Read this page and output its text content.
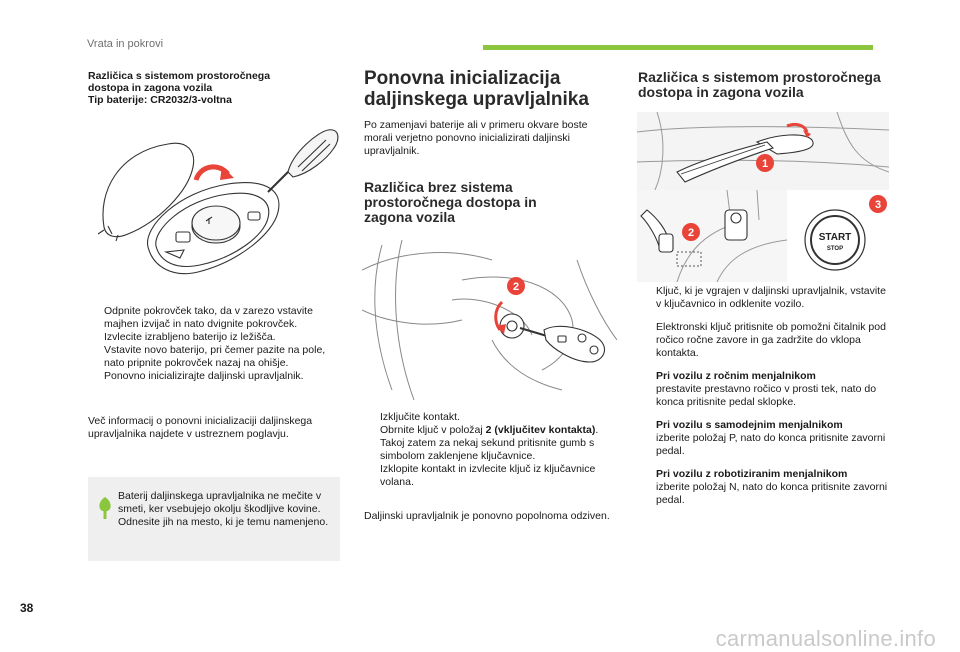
Vrata in pokrovi
Različica s sistemom prostoročnega
dostopa in zagona vozila
Tip baterije: CR2032/3-voltna
Odpnite pokrovček tako, da v zarezo vstavite majhen izvijač in nato dvignite pokrovček.
Izvlecite izrabljeno baterijo iz ležišča.
Vstavite novo baterijo, pri čemer pazite na pole, nato pripnite pokrovček nazaj na ohišje.
Ponovno inicializirajte daljinski upravljalnik.
Več informacij o ponovni inicializaciji daljinskega upravljalnika najdete v ustreznem poglavju.
Baterij daljinskega upravljalnika ne mečite v smeti, ker vsebujejo okolju škodljive kovine. Odnesite jih na mesto, ki je temu namenjeno.
Ponovna inicializacija
daljinskega upravljalnika
Po zamenjavi baterije ali v primeru okvare boste morali verjetno ponovno inicializirati daljinski upravljalnik.
Različica brez sistema
prostoročnega dostopa in
zagona vozila
2
Izključite kontakt.
Obrnite ključ v položaj 2 (vključitev kontakta).
Takoj zatem za nekaj sekund pritisnite gumb s simbolom zaklenjene ključavnice.
Izklopite kontakt in izvlecite ključ iz ključavnice volana.
Daljinski upravljalnik je ponovno popolnoma odziven.
Različica s sistemom prostoročnega
dostopa in zagona vozila
1
2	START
STOP
3
Ključ, ki je vgrajen v daljinski upravljalnik, vstavite v ključavnico in odklenite vozilo.
Elektronski ključ pritisnite ob pomožni čitalnik pod ročico ročne zavore in ga zadržite do vklopa kontakta.
Pri vozilu z ročnim menjalnikom
prestavite prestavno ročico v prosti tek, nato do konca pritisnite pedal sklopke.
Pri vozilu s samodejnim menjalnikom
izberite položaj P, nato do konca pritisnite zavorni pedal.
Pri vozilu z robotiziranim menjalnikom
izberite položaj N, nato do konca pritisnite zavorni pedal.
38
carmanualsonline.info
